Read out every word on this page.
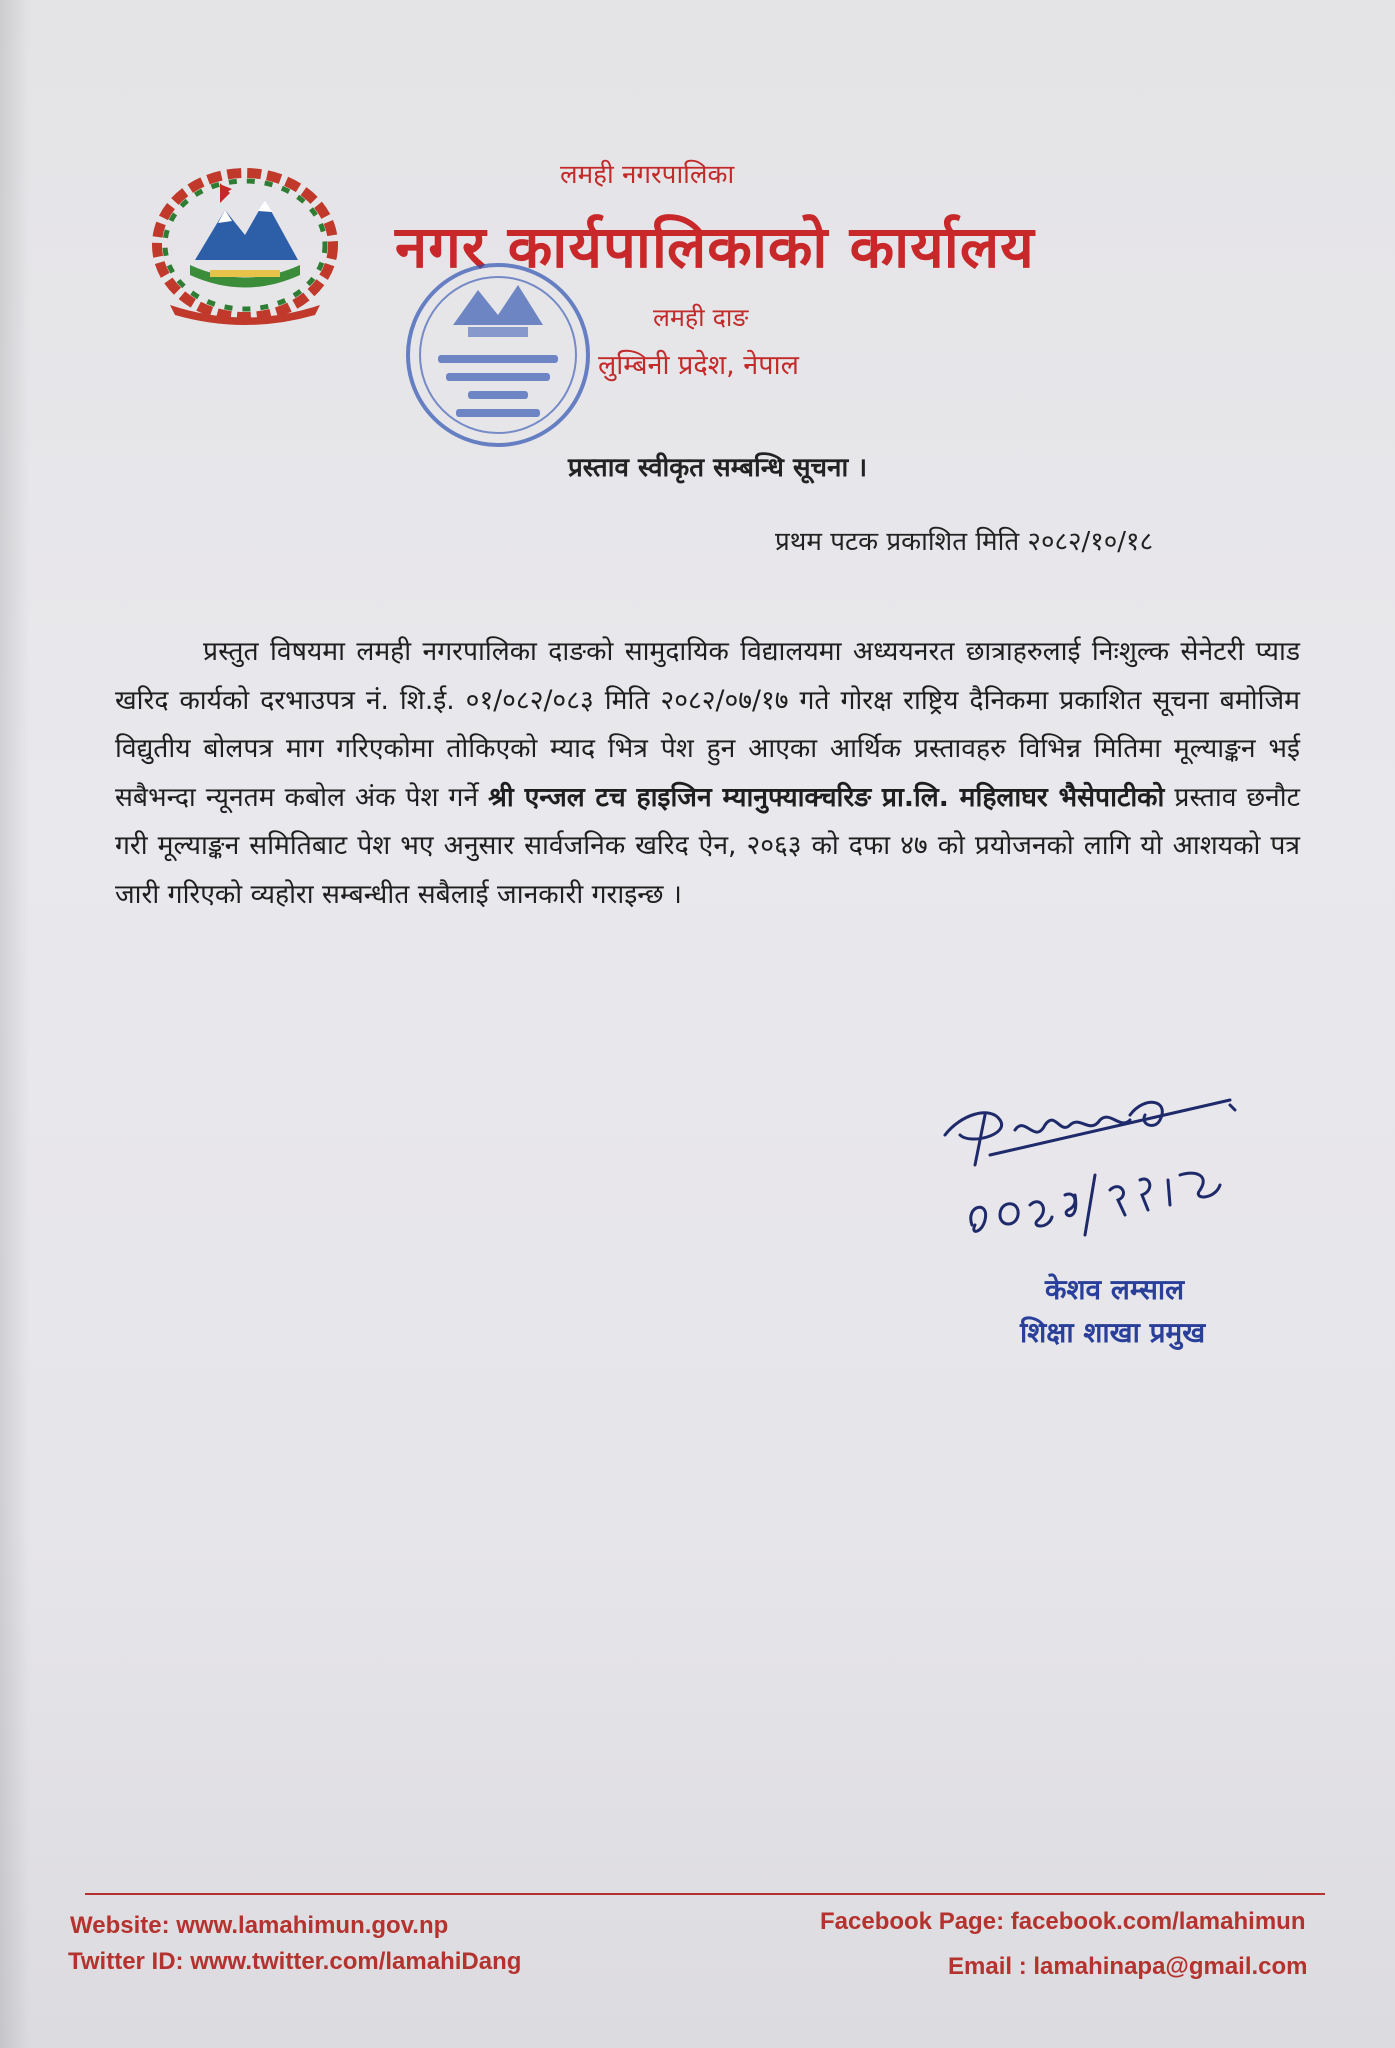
लमही नगरपालिका
नगर कार्यपालिकाको कार्यालय
लमही दाङ
लुम्बिनी प्रदेश, नेपाल
प्रस्ताव स्वीकृत सम्बन्धि सूचना ।
प्रथम पटक प्रकाशित मिति २०८२/१०/१८
प्रस्तुत विषयमा लमही नगरपालिका दाङको सामुदायिक विद्यालयमा अध्ययनरत छात्राहरुलाई निःशुल्क सेनेटरी प्याड खरिद कार्यको दरभाउपत्र नं. शि.ई. ०१/०८२/०८३ मिति २०८२/०७/१७ गते गोरक्ष राष्ट्रिय दैनिकमा प्रकाशित सूचना बमोजिम विद्युतीय बोलपत्र माग गरिएकोमा तोकिएको म्याद भित्र पेश हुन आएका आर्थिक प्रस्तावहरु विभिन्न मितिमा मूल्याङ्कन भई सबैभन्दा न्यूनतम कबोल अंक पेश गर्ने श्री एन्जल टच हाइजिन म्यानुफ्याक्चरिङ प्रा.लि. महिलाघर भैसेपाटीको प्रस्ताव छनौट गरी मूल्याङ्कन समितिबाट पेश भए अनुसार सार्वजनिक खरिद ऐन, २०६३ को दफा ४७ को प्रयोजनको लागि यो आशयको पत्र जारी गरिएको व्यहोरा सम्बन्धीत सबैलाई जानकारी गराइन्छ ।
केशव लम्साल
शिक्षा शाखा प्रमुख
Website: www.lamahimun.gov.np
Twitter ID: www.twitter.com/lamahiDang
Facebook Page: facebook.com/lamahimun
Email : lamahinapa@gmail.com
